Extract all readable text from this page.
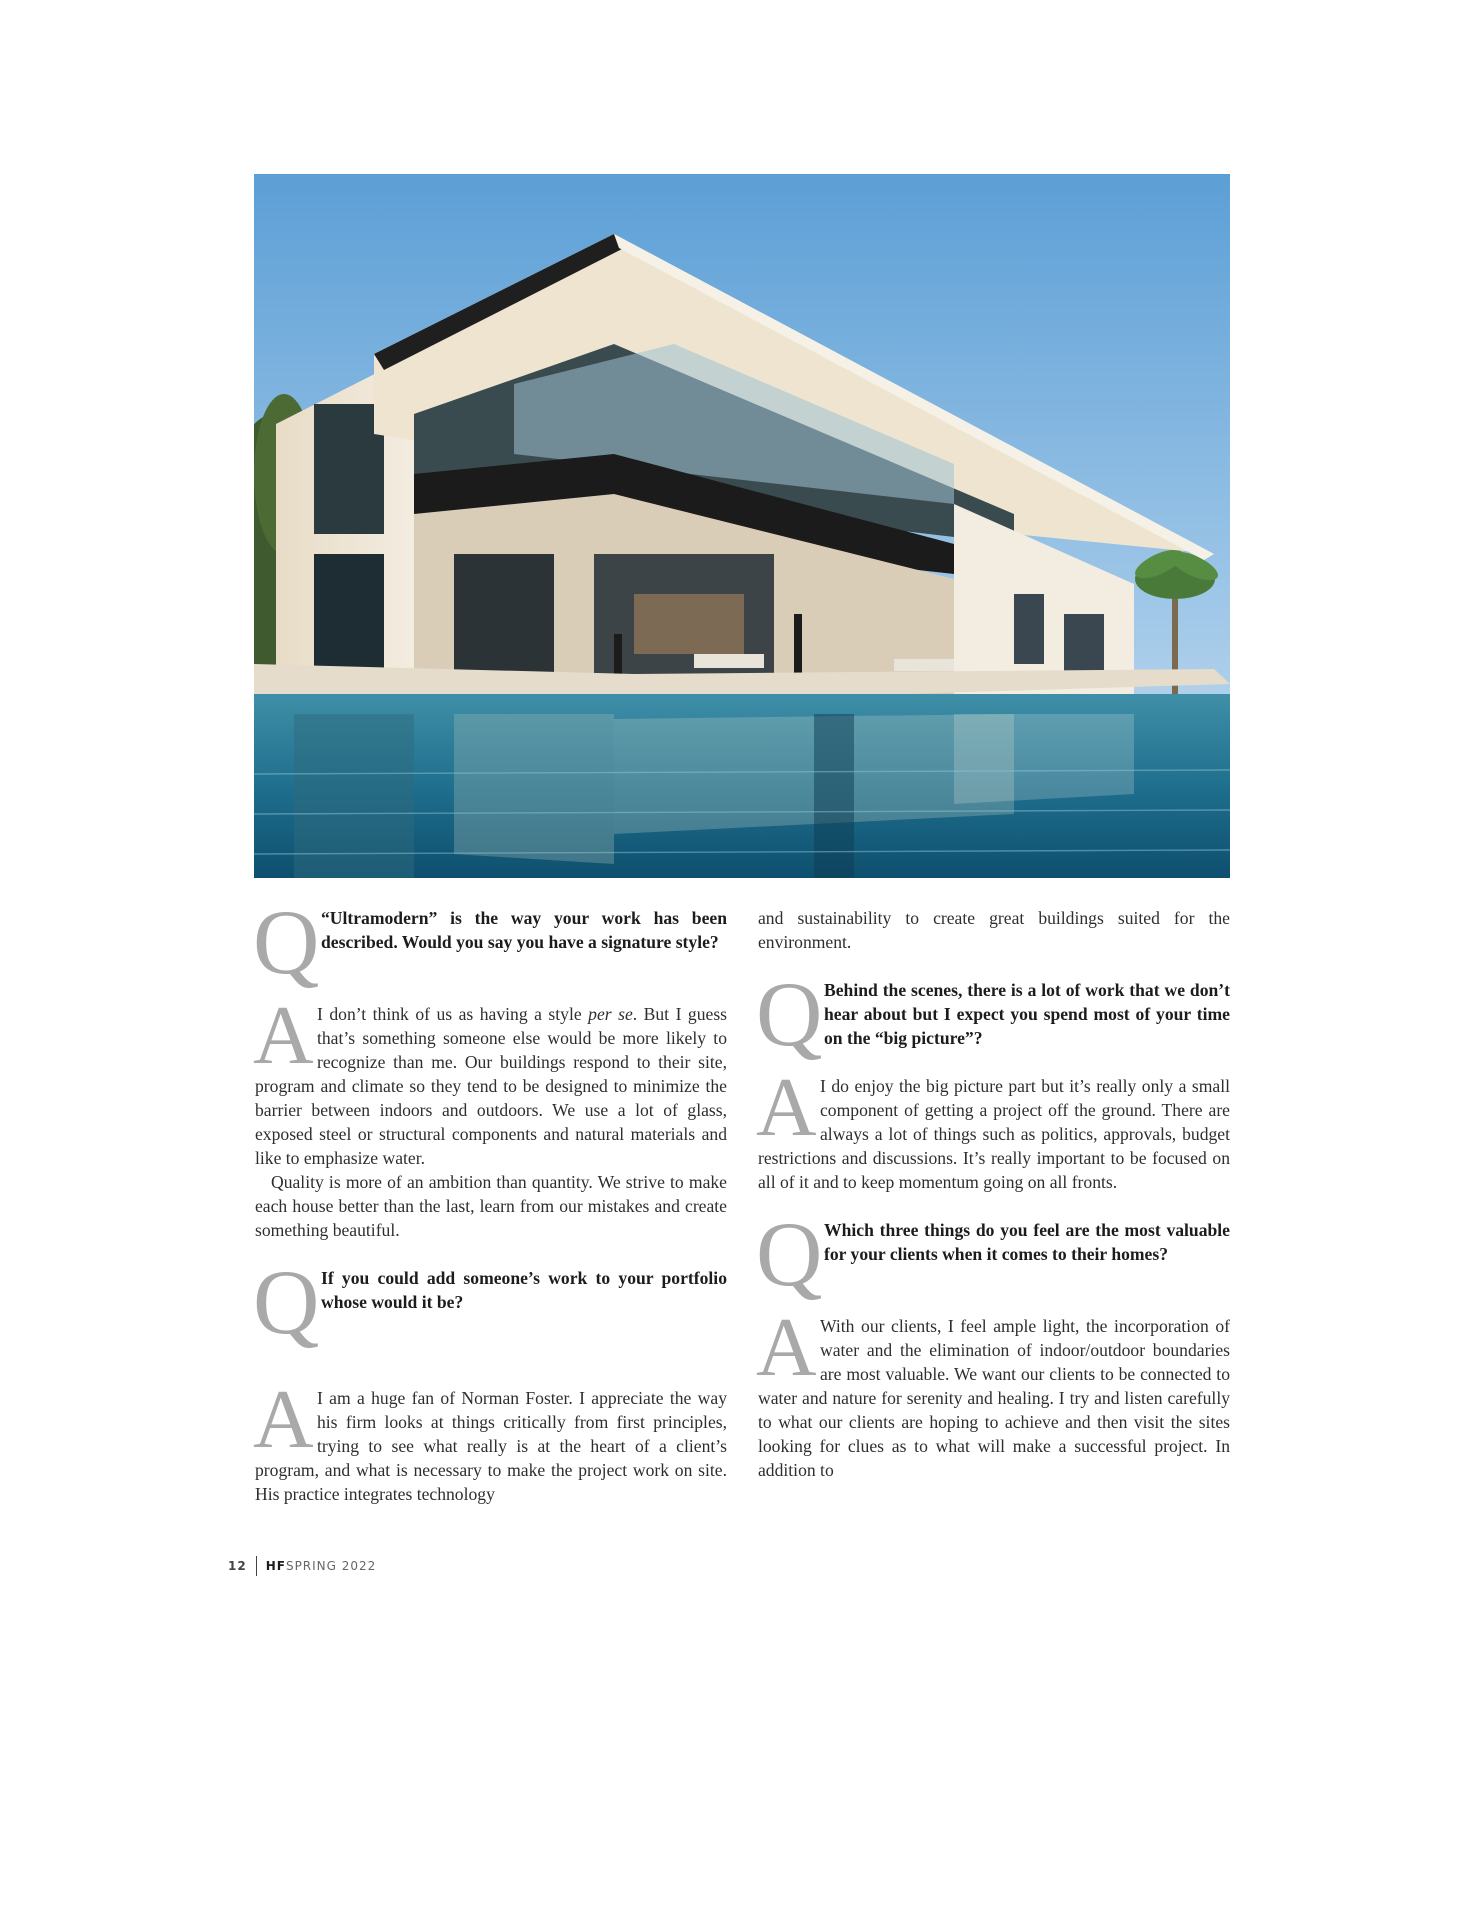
Q “Ultramodern” is the way your work has been described. Would you say you have a signature style?
A I don’t think of us as having a style per se. But I guess that’s something someone else would be more likely to recognize than me. Our buildings respond to their site, program and climate so they tend to be designed to minimize the barrier between indoors and outdoors. We use a lot of glass, exposed steel or structural components and natural materials and like to emphasize water.

Quality is more of an ambition than quantity. We strive to make each house better than the last, learn from our mistakes and create something beautiful.

Q If you could add someone’s work to your portfolio whose would it be?
A I am a huge fan of Norman Foster. I appreciate the way his firm looks at things critically from first principles, trying to see what really is at the heart of a client’s program, and what is necessary to make the project work on site. His practice integrates technology

and sustainability to create great buildings suited for the environment.

Q Behind the scenes, there is a lot of work that we don’t hear about but I expect you spend most of your time on the “big picture”?
A I do enjoy the big picture part but it’s really only a small component of getting a project off the ground. There are always a lot of things such as politics, approvals, budget restrictions and discussions. It’s really important to be focused on all of it and to keep momentum going on all fronts.

Q Which three things do you feel are the most valuable for your clients when it comes to their homes?
A With our clients, I feel ample light, the incorporation of water and the elimination of indoor/outdoor boundaries are most valuable. We want our clients to be connected to water and nature for serenity and healing. I try and listen carefully to what our clients are hoping to achieve and then visit the sites looking for clues as to what will make a successful project. In addition to

12 HF SPRING 2022
